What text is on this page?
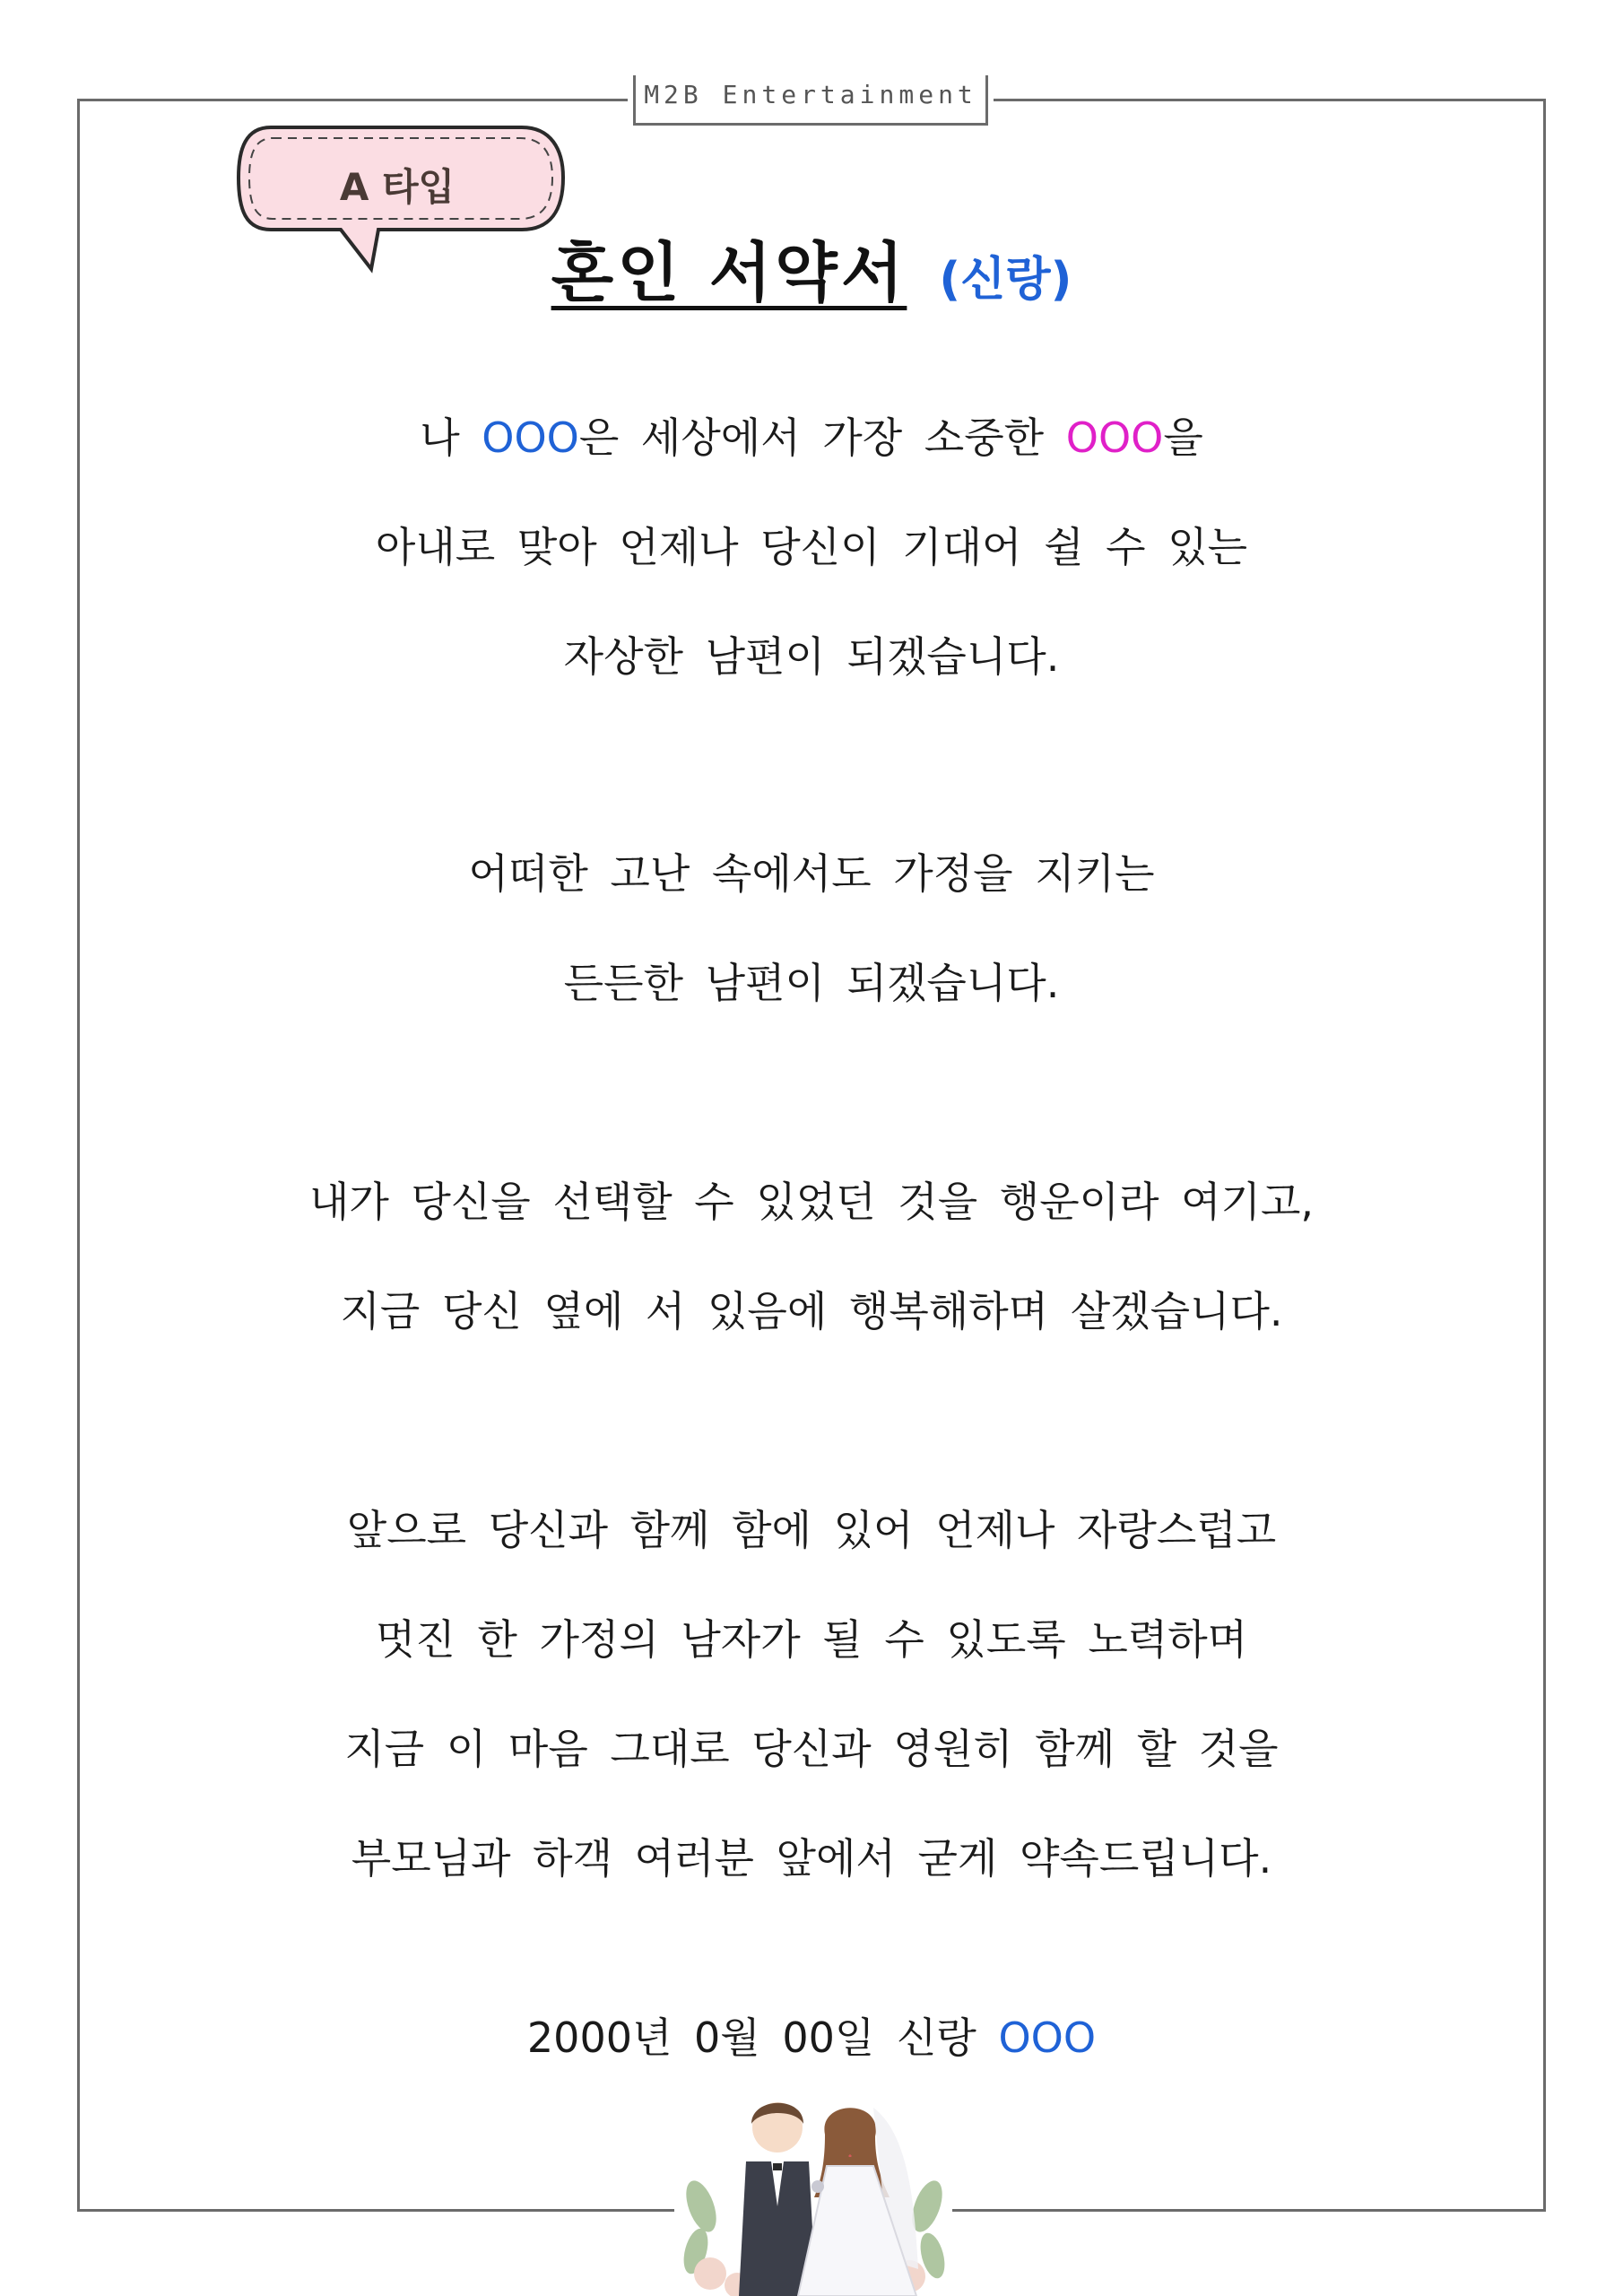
M2B Entertainment
A 타입
혼인 서약서 (신랑)
나 OOO은 세상에서 가장 소중한 OOO을
아내로 맞아 언제나 당신이 기대어 쉴 수 있는
자상한 남편이 되겠습니다.
어떠한 고난 속에서도 가정을 지키는
든든한 남편이 되겠습니다.
내가 당신을 선택할 수 있었던 것을 행운이라 여기고,
지금 당신 옆에 서 있음에 행복해하며 살겠습니다.
앞으로 당신과 함께 함에 있어 언제나 자랑스럽고
멋진 한 가정의 남자가 될 수 있도록 노력하며
지금 이 마음 그대로 당신과 영원히 함께 할 것을
부모님과 하객 여러분 앞에서 굳게 약속드립니다.
2000년 0월 00일 신랑 OOO
